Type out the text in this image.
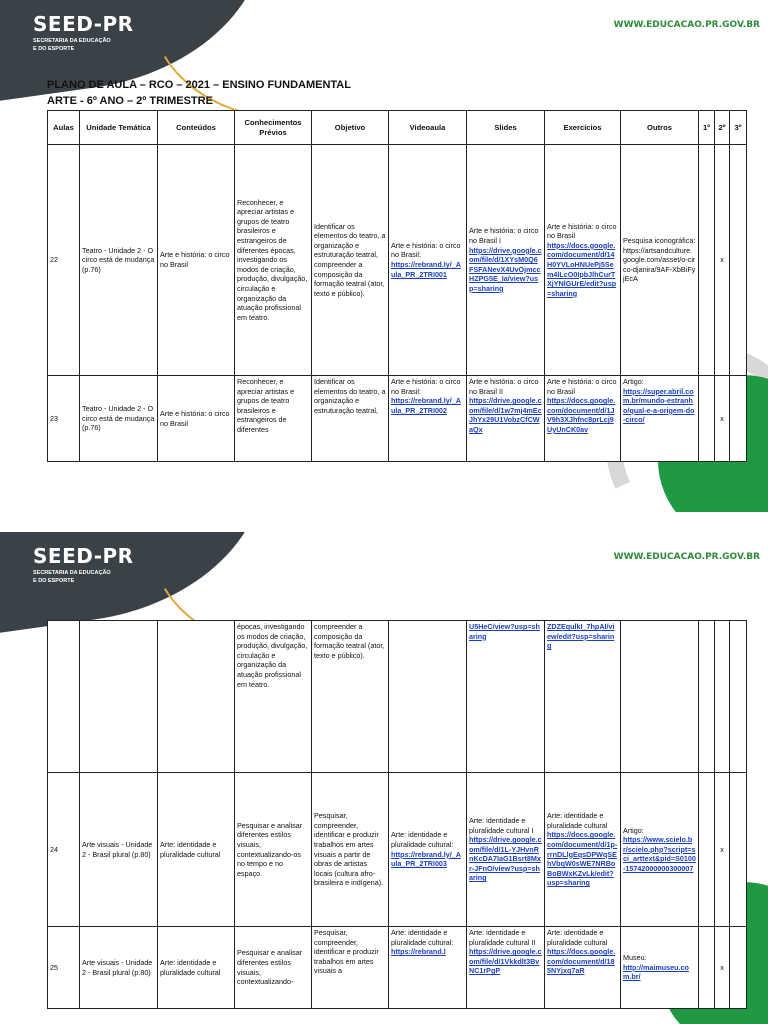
SEED-PR
SECRETARIA DA EDUCAÇÃO
E DO ESPORTE
WWW.EDUCACAO.PR.GOV.BR
PLANO DE AULA – RCO – 2021 – ENSINO FUNDAMENTAL
ARTE - 6º ANO – 2º TRIMESTRE
Aulas	Unidade Temática	Conteúdos	Conhecimentos Prévios	Objetivo	Videoaula	Slides	Exercícios	Outros	1º	2º	3º
22	Teatro - Unidade 2 - O circo está de mudança (p.76)	Arte e história: o circo no Brasil	Reconhecer, e apreciar artistas e grupos de teatro brasileiros e estrangeiros de diferentes épocas, investigando os modos de criação, produção, divulgação, circulação e organização da atuação profissional em teatro.	Identificar os elementos do teatro, a organização e estruturação teatral, compreender a composição da formação teatral (ator, texto e público).	Arte e história: o circo no Brasil:
https://rebrand.ly/_Aula_PR_2TRI001	Arte e história: o circo no Brasil I
https://drive.google.com/file/d/1XYsM0Q6FSFANevX4UvOjmccHZPG5E_Ia/view?usp=sharing	Arte e história: o circo no Brasil
https://docs.google.com/document/d/14H0YVLoHNUePj5Sem4lLcO0IpbJlhCurTXjYNlGUrE/edit?usp=sharing	Pesquisa iconográfica: https://artsandculture.google.com/asset/o-circo-djanira/9AF-XbBiFyjEcA		x	
23	Teatro - Unidade 2 - O circo está de mudança (p.76)	Arte e história: o circo no Brasil	Reconhecer, e apreciar artistas e grupos de teatro brasileiros e estrangeiros de diferentes	Identificar os elementos do teatro, a organização e estruturação teatral,	Arte e história: o circo no Brasil:
https://rebrand.ly/_Aula_PR_2TRI002	Arte e história: o circo no Brasil II
https://drive.google.com/file/d/1w7mj4mEcJhYx29U1VobzCfCWaQx	Arte e história: o circo no Brasil
https://docs.google.com/document/d/1JV9h3XJhfnc8prLcj9UyUnCK0av	Artigo:
https://super.abril.com.br/mundo-estranho/qual-e-a-origem-do-circo/		x	
SEED-PR
SECRETARIA DA EDUCAÇÃO
E DO ESPORTE
WWW.EDUCACAO.PR.GOV.BR
			épocas, investigando os modos de criação, produção, divulgação, circulação e organização da atuação profissional em teatro.	compreender a composição da formação teatral (ator, texto e público).		U5HeC/view?usp=sharing	ZDZEqulkI_7hpAI/view/edit?usp=sharing				
24	Arte visuais - Unidade 2 - Brasil plural (p.80)	Arte: identidade e pluralidade cultural	Pesquisar e analisar diferentes estilos visuais, contextualizando-os no tempo e no espaço.	Pesquisar, compreender, identificar e produzir trabalhos em artes visuais a partir de obras de artistas locais (cultura afro-brasileira e indígena).	Arte: identidade e pluralidade cultural:
https://rebrand.ly/_Aula_PR_2TRI003	Arte: identidade e pluralidade cultural I
https://drive.google.com/file/d/1L-YJHvnRnKcDA7IaG1Bsrt8Mxr-JFnO/view?usp=sharing	Arte: identidade e pluralidade cultural
https://docs.google.com/document/d/1p-rrnDLlgEqsDPWqSEhVbqW0sWE7NRBoBoBWxKZvLk/edit?usp=sharing	Artigo:
https://www.scielo.br/scielo.php?script=sci_arttext&pid=S0100-15742000000300007		x	
25	Arte visuais - Unidade 2 - Brasil plural (p.80)	Arte: identidade e pluralidade cultural	Pesquisar e analisar diferentes estilos visuais, contextualizando-	Pesquisar, compreender, identificar e produzir trabalhos em artes visuais a	Arte: identidade e pluralidade cultural:
https://rebrand.l	Arte: identidade e pluralidade cultural II
https://drive.google.com/file/d/1Vkkdlt3BvNC1rPgP	Arte: identidade e pluralidade cultural
https://docs.google.com/document/d/185NYjxq7aR	Museu:
http://maimuseu.com.br/		x	
